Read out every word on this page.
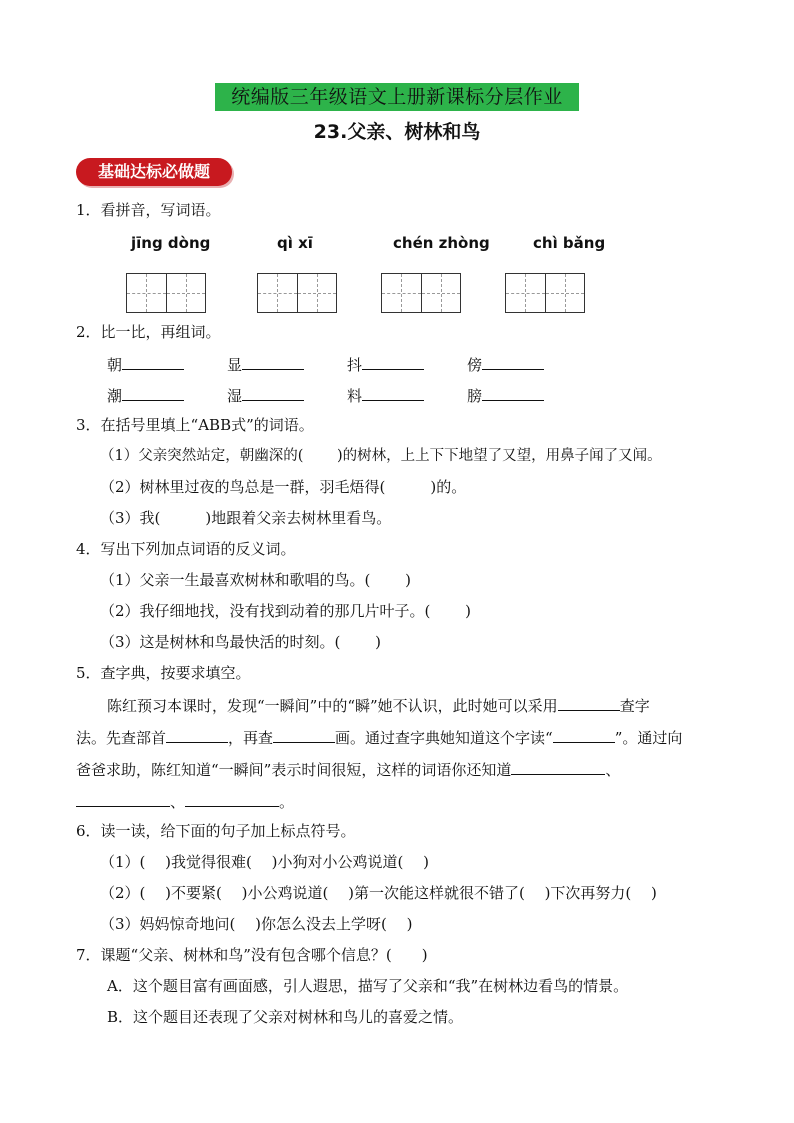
统编版三年级语文上册新课标分层作业
23.父亲、树林和鸟
基础达标必做题
1．看拼音，写词语。
jīng dòng	qì xī	chén zhòng	chì bǎng
2．比一比，再组词。
朝	显	抖	傍
潮	湿	料	膀
3．在括号里填上“ABB式”的词语。
（1）父亲突然站定，朝幽深的(　　 )的树林，上上下下地望了又望，用鼻子闻了又闻。
（2）树林里过夜的鸟总是一群，羽毛焐得(　　　)的。
（3）我(　　　)地跟着父亲去树林里看鸟。
4．写出下列加点词语的反义词。
（1）父亲一生最喜欢树林和歌唱的鸟。(　　 )
（2）我仔细地找，没有找到动着的那几片叶子。(　　 )
（3）这是树林和鸟最快活的时刻。(　　 )
5．查字典，按要求填空。
陈红预习本课时，发现“一瞬间”中的“瞬”她不认识，此时她可以采用	查字
法。先查部首	，再查	画。通过查字典她知道这个字读“	”。通过向
爸爸求助，陈红知道“一瞬间”表示时间很短，这样的词语你还知道	、
、	。
6．读一读，给下面的句子加上标点符号。
（1）(　 )我觉得很难(　 )小狗对小公鸡说道(　 )
（2）(　 )不要紧(　 )小公鸡说道(　 )第一次能这样就很不错了(　 )下次再努力(　 )
（3）妈妈惊奇地问(　 )你怎么没去上学呀(　 )
7．课题“父亲、树林和鸟”没有包含哪个信息？(　　)
A．这个题目富有画面感，引人遐思，描写了父亲和“我”在树林边看鸟的情景。
B．这个题目还表现了父亲对树林和鸟儿的喜爱之情。
